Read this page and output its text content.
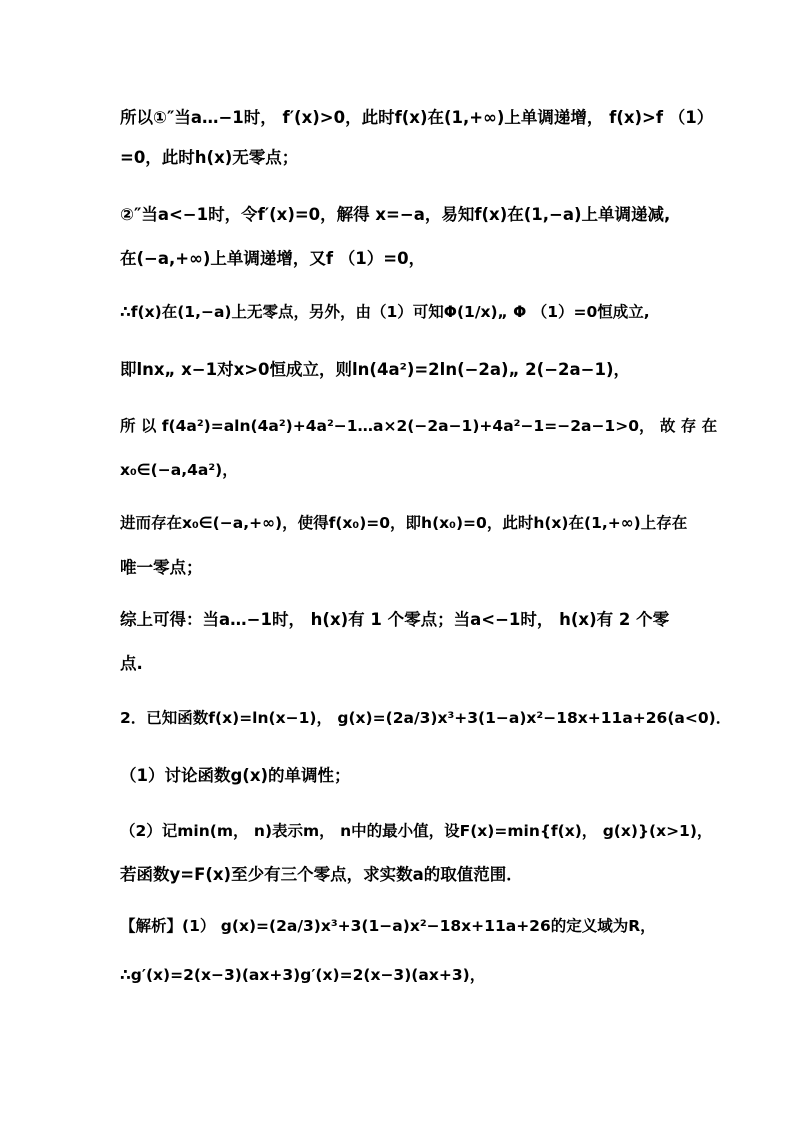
所以①″当a…−1时， f′(x)>0，此时f(x)在(1,+∞)上单调递增， f(x)>f （1）
=0，此时h(x)无零点；
②″当a<−1时，令f′(x)=0，解得 x=−a，易知f(x)在(1,−a)上单调递减,
在(−a,+∞)上单调递增，又f （1）=0，
∴f(x)在(1,−a)上无零点，另外，由（1）可知Φ(1/x)„ Φ （1）=0恒成立,
即lnx„ x−1对x>0恒成立，则ln(4a²)=2ln(−2a)„ 2(−2a−1)，
所 以 f(4a²)=aln(4a²)+4a²−1…a×2(−2a−1)+4a²−1=−2a−1>0， 故 存 在
x₀∈(−a,4a²)，
进而存在x₀∈(−a,+∞)，使得f(x₀)=0，即h(x₀)=0，此时h(x)在(1,+∞)上存在
唯一零点；
综上可得：当a…−1时， h(x)有 1 个零点；当a<−1时， h(x)有 2 个零
点.
2．已知函数f(x)=ln(x−1)， g(x)=(2a/3)x³+3(1−a)x²−18x+11a+26(a<0)．
（1）讨论函数g(x)的单调性；
（2）记min(m， n)表示m， n中的最小值，设F(x)=min{f(x)， g(x)}(x>1)，
若函数y=F(x)至少有三个零点，求实数a的取值范围．
【解析】(1） g(x)=(2a/3)x³+3(1−a)x²−18x+11a+26的定义域为R，
∴g′(x)=2(x−3)(ax+3)g′(x)=2(x−3)(ax+3)，
